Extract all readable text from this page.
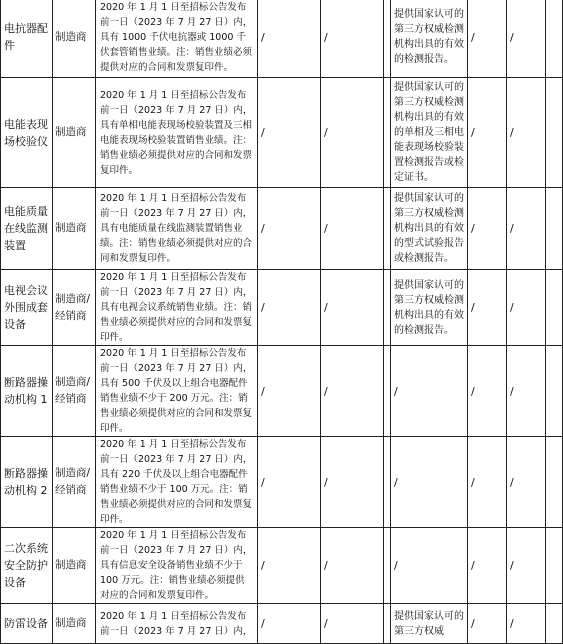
电抗器配件	制造商	2020 年 1 月 1 日至招标公告发布前一日（2023 年 7 月 27 日）内，具有 1000 千伏电抗器或 1000 千伏套管销售业绩。注：销售业绩必须提供对应的合同和发票复印件。	/	/		提供国家认可的第三方权威检测机构出具的有效的检测报告。	/	/	
电能表现场校验仪	制造商	2020 年 1 月 1 日至招标公告发布前一日（2023 年 7 月 27 日）内，具有单相电能表现场校验装置及三相电能表现场校验装置销售业绩。注：销售业绩必须提供对应的合同和发票复印件。	/	/		提供国家认可的第三方权威检测机构出具的有效的单相及三相电能表现场校验装置检测报告或检定证书。	/	/	
电能质量在线监测装置	制造商	2020 年 1 月 1 日至招标公告发布前一日（2023 年 7 月 27 日）内，具有电能质量在线监测装置销售业绩。注：销售业绩必须提供对应的合同和发票复印件。	/	/		提供国家认可的第三方权威检测机构出具的有效的型式试验报告或检测报告。	/	/	
电视会议外围成套设备	制造商/经销商	2020 年 1 月 1 日至招标公告发布前一日（2023 年 7 月 27 日）内，具有电视会议系统销售业绩。注：销售业绩必须提供对应的合同和发票复印件。	/	/		提供国家认可的第三方权威检测机构出具的有效的检测报告。	/	/	
断路器操动机构 1	制造商/经销商	2020 年 1 月 1 日至招标公告发布前一日（2023 年 7 月 27 日）内，具有 500 千伏及以上组合电器配件销售业绩不少于 200 万元。注：销售业绩必须提供对应的合同和发票复印件。	/	/		/	/	/	
断路器操动机构 2	制造商/经销商	2020 年 1 月 1 日至招标公告发布前一日（2023 年 7 月 27 日）内，具有 220 千伏及以上组合电器配件销售业绩不少于 100 万元。注：销售业绩必须提供对应的合同和发票复印件。	/	/		/	/	/	
二次系统安全防护设备	制造商	2020 年 1 月 1 日至招标公告发布前一日（2023 年 7 月 27 日）内，具有信息安全设备销售业绩不少于 100 万元。注：销售业绩必须提供对应的合同和发票复印件。	/	/		/	/	/	
防雷设备	制造商	2020 年 1 月 1 日至招标公告发布前一日（2023 年 7 月 27 日）内，	/	/		提供国家认可的第三方权威	/	/	
